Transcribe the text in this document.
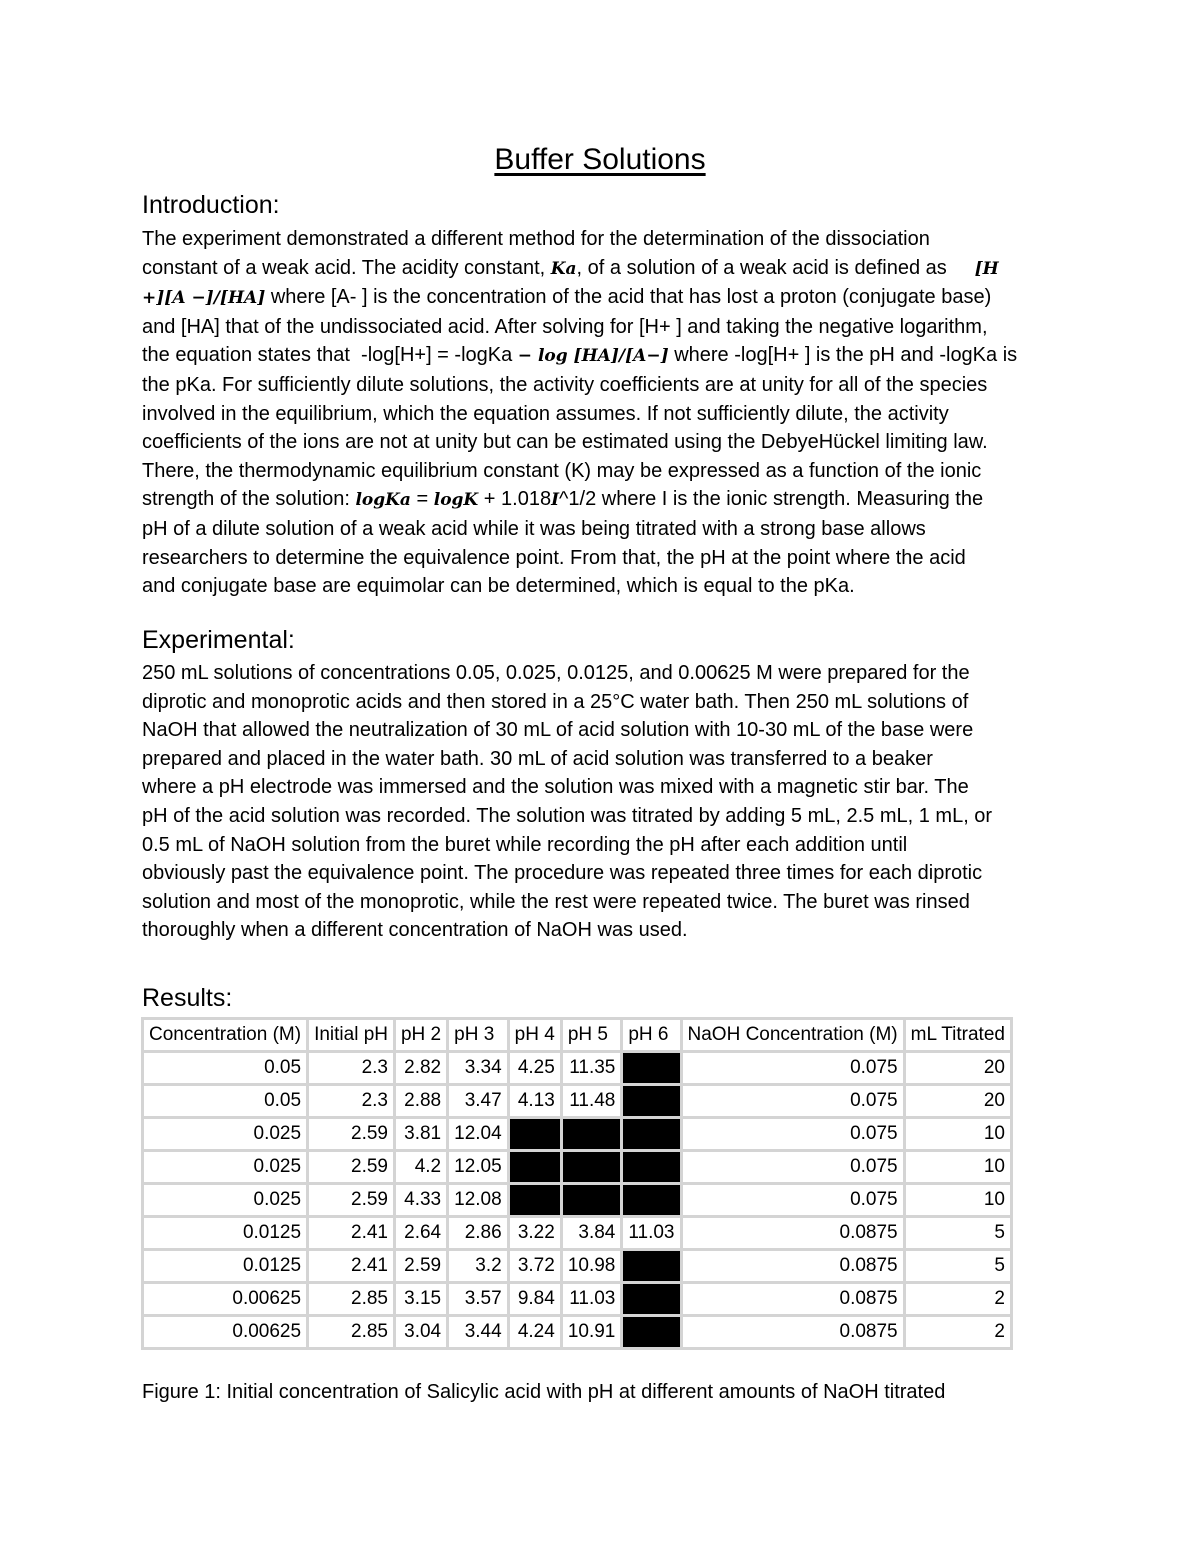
Buffer Solutions
Introduction:
The experiment demonstrated a different method for the determination of the dissociation
constant of a weak acid. The acidity constant, Ka, of a solution of a weak acid is defined as     [H
+][A −]/[HA] where [A- ] is the concentration of the acid that has lost a proton (conjugate base)
and [HA] that of the undissociated acid. After solving for [H+ ] and taking the negative logarithm,
the equation states that  -log[H+] = -logKa − log [HA]/[A−] where -log[H+ ] is the pH and -logKa is
the pKa. For sufficiently dilute solutions, the activity coefficients are at unity for all of the species
involved in the equilibrium, which the equation assumes. If not sufficiently dilute, the activity
coefficients of the ions are not at unity but can be estimated using the DebyeHückel limiting law.
There, the thermodynamic equilibrium constant (K) may be expressed as a function of the ionic
strength of the solution: logKa = logK + 1.018I^1/2 where I is the ionic strength. Measuring the
pH of a dilute solution of a weak acid while it was being titrated with a strong base allows
researchers to determine the equivalence point. From that, the pH at the point where the acid
and conjugate base are equimolar can be determined, which is equal to the pKa.
Experimental:
250 mL solutions of concentrations 0.05, 0.025, 0.0125, and 0.00625 M were prepared for the
diprotic and monoprotic acids and then stored in a 25°C water bath. Then 250 mL solutions of
NaOH that allowed the neutralization of 30 mL of acid solution with 10-30 mL of the base were
prepared and placed in the water bath. 30 mL of acid solution was transferred to a beaker
where a pH electrode was immersed and the solution was mixed with a magnetic stir bar. The
pH of the acid solution was recorded. The solution was titrated by adding 5 mL, 2.5 mL, 1 mL, or
0.5 mL of NaOH solution from the buret while recording the pH after each addition until
obviously past the equivalence point. The procedure was repeated three times for each diprotic
solution and most of the monoprotic, while the rest were repeated twice. The buret was rinsed
thoroughly when a different concentration of NaOH was used.
Results:
Concentration (M)	Initial pH	pH 2	pH 3	pH 4	pH 5	pH 6	NaOH Concentration (M)	mL Titrated
0.05	2.3	2.82	3.34	4.25	11.35		0.075	20
0.05	2.3	2.88	3.47	4.13	11.48		0.075	20
0.025	2.59	3.81	12.04				0.075	10
0.025	2.59	4.2	12.05				0.075	10
0.025	2.59	4.33	12.08				0.075	10
0.0125	2.41	2.64	2.86	3.22	3.84	11.03	0.0875	5
0.0125	2.41	2.59	3.2	3.72	10.98		0.0875	5
0.00625	2.85	3.15	3.57	9.84	11.03		0.0875	2
0.00625	2.85	3.04	3.44	4.24	10.91		0.0875	2
Figure 1: Initial concentration of Salicylic acid with pH at different amounts of NaOH titrated
